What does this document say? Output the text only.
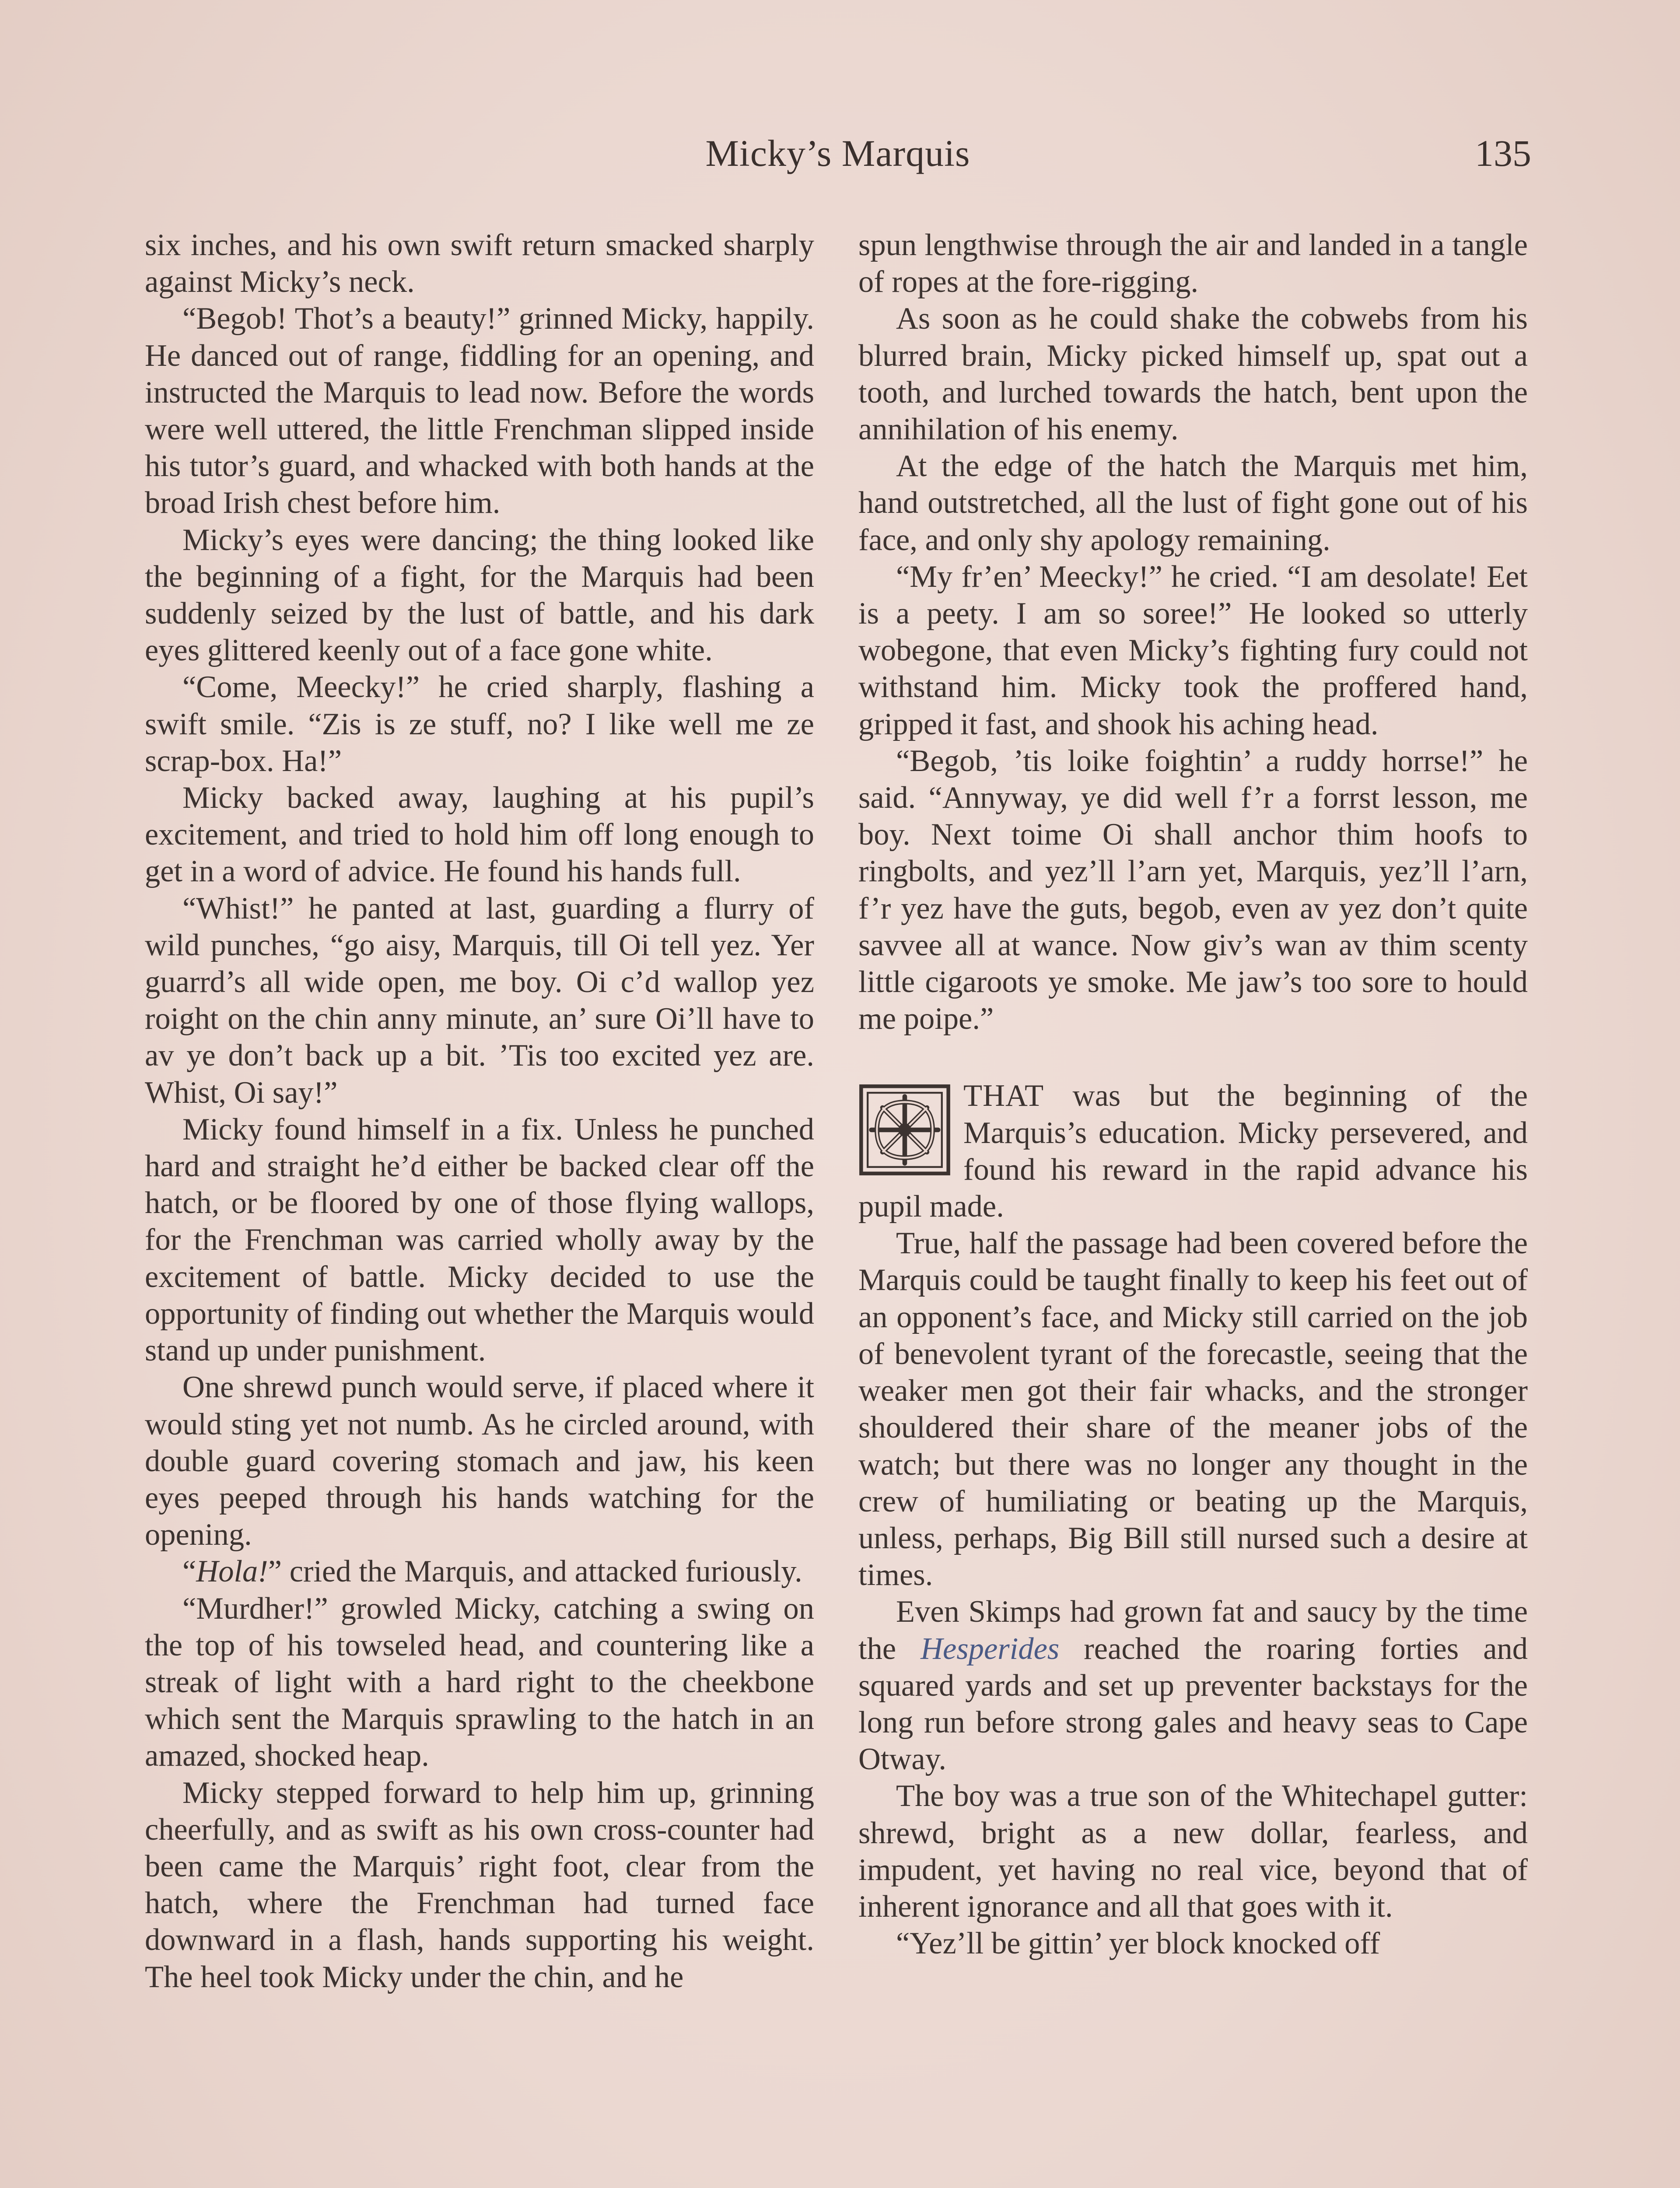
Micky’s Marquis	135

six inches, and his own swift return smacked sharply against Micky’s neck.

“Begob! Thot’s a beauty!” grinned Micky, happily. He danced out of range, fiddling for an opening, and instructed the Marquis to lead now. Before the words were well uttered, the little Frenchman slipped inside his tutor’s guard, and whacked with both hands at the broad Irish chest before him.

Micky’s eyes were dancing; the thing looked like the beginning of a fight, for the Marquis had been suddenly seized by the lust of battle, and his dark eyes glittered keenly out of a face gone white.

“Come, Meecky!” he cried sharply, flashing a swift smile. “Zis is ze stuff, no? I like well me ze scrap-box. Ha!”

Micky backed away, laughing at his pupil’s excitement, and tried to hold him off long enough to get in a word of advice. He found his hands full.

“Whist!” he panted at last, guarding a flurry of wild punches, “go aisy, Marquis, till Oi tell yez. Yer guarrd’s all wide open, me boy. Oi c’d wallop yez roight on the chin anny minute, an’ sure Oi’ll have to av ye don’t back up a bit. ’Tis too excited yez are. Whist, Oi say!”

Micky found himself in a fix. Unless he punched hard and straight he’d either be backed clear off the hatch, or be floored by one of those flying wallops, for the Frenchman was carried wholly away by the excitement of battle. Micky decided to use the opportunity of finding out whether the Marquis would stand up under punishment.

One shrewd punch would serve, if placed where it would sting yet not numb. As he circled around, with double guard covering stomach and jaw, his keen eyes peeped through his hands watching for the opening.

“Hola!” cried the Marquis, and attacked furiously.

“Murdher!” growled Micky, catching a swing on the top of his towseled head, and countering like a streak of light with a hard right to the cheekbone which sent the Marquis sprawling to the hatch in an amazed, shocked heap.

Micky stepped forward to help him up, grinning cheerfully, and as swift as his own cross-counter had been came the Marquis’ right foot, clear from the hatch, where the Frenchman had turned face downward in a flash, hands supporting his weight. The heel took Micky under the chin, and he

spun lengthwise through the air and landed in a tangle of ropes at the fore-rigging.

As soon as he could shake the cobwebs from his blurred brain, Micky picked himself up, spat out a tooth, and lurched towards the hatch, bent upon the annihilation of his enemy.

At the edge of the hatch the Marquis met him, hand outstretched, all the lust of fight gone out of his face, and only shy apology remaining.

“My fr’en’ Meecky!” he cried. “I am desolate! Eet is a peety. I am so soree!” He looked so utterly wobegone, that even Micky’s fighting fury could not withstand him. Micky took the proffered hand, gripped it fast, and shook his aching head.

“Begob, ’tis loike foightin’ a ruddy horrse!” he said. “Annyway, ye did well f’r a forrst lesson, me boy. Next toime Oi shall anchor thim hoofs to ringbolts, and yez’ll l’arn yet, Marquis, yez’ll l’arn, f’r yez have the guts, begob, even av yez don’t quite savvee all at wance. Now giv’s wan av thim scenty little cigaroots ye smoke. Me jaw’s too sore to hould me poipe.”

THAT was but the beginning of the Marquis’s education. Micky persevered, and found his reward in the rapid advance his pupil made.

True, half the passage had been covered before the Marquis could be taught finally to keep his feet out of an opponent’s face, and Micky still carried on the job of benevolent tyrant of the forecastle, seeing that the weaker men got their fair whacks, and the stronger shouldered their share of the meaner jobs of the watch; but there was no longer any thought in the crew of humiliating or beating up the Marquis, unless, perhaps, Big Bill still nursed such a desire at times.

Even Skimps had grown fat and saucy by the time the Hesperides reached the roaring forties and squared yards and set up preventer backstays for the long run before strong gales and heavy seas to Cape Otway.

The boy was a true son of the Whitechapel gutter: shrewd, bright as a new dollar, fearless, and impudent, yet having no real vice, beyond that of inherent ignorance and all that goes with it.

“Yez’ll be gittin’ yer block knocked off
